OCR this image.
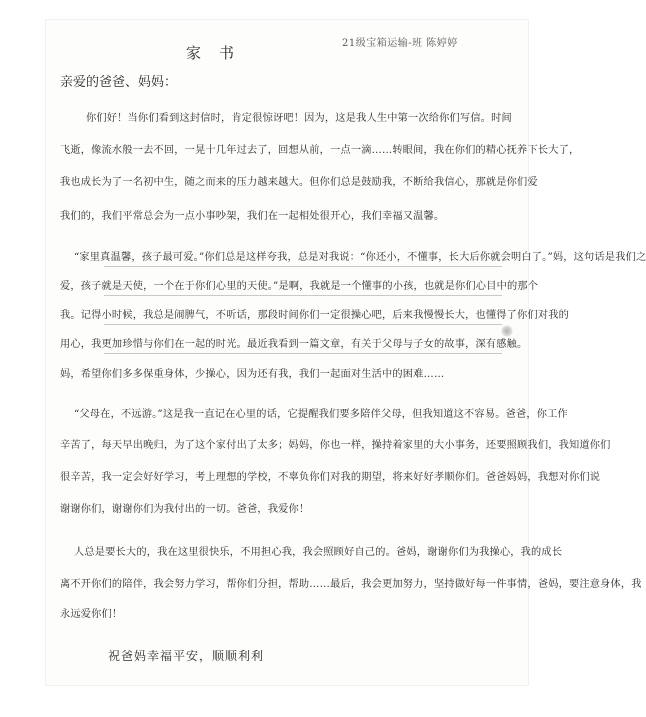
家书
21级宝箱运输-班 陈婷婷
亲爱的爸爸、妈妈：
你们好！当你们看到这封信时，肯定很惊讶吧！因为，这是我人生中第一次给你们写信。时间
飞逝，像流水般一去不回，一晃十几年过去了，回想从前，一点一滴……转眼间，我在你们的精心抚养下长大了，
我也成长为了一名初中生，随之而来的压力越来越大。但你们总是鼓励我，不断给我信心，那就是你们爱
我们的，我们平常总会为一点小事吵架，我们在一起相处很开心，我们幸福又温馨。
“家里真温馨，孩子最可爱。”你们总是这样夸我，总是对我说：“你还小，不懂事，长大后你就会明白了。”妈，这句话是我们之
爱，孩子就是天使，一个在于你们心里的天使。”是啊，我就是一个懂事的小孩，也就是你们心目中的那个
我。记得小时候，我总是闹脾气，不听话，那段时间你们一定很操心吧，后来我慢慢长大，也懂得了你们对我的
用心，我更加珍惜与你们在一起的时光。最近我看到一篇文章，有关于父母与子女的故事，深有感触。
妈，希望你们多多保重身体，少操心，因为还有我，我们一起面对生活中的困难……
“父母在，不远游。”这是我一直记在心里的话，它提醒我们要多陪伴父母，但我知道这不容易。爸爸，你工作
辛苦了，每天早出晚归，为了这个家付出了太多；妈妈，你也一样，操持着家里的大小事务，还要照顾我们，我知道你们
很辛苦，我一定会好好学习，考上理想的学校，不辜负你们对我的期望，将来好好孝顺你们。爸爸妈妈，我想对你们说
谢谢你们，谢谢你们为我付出的一切。爸爸，我爱你！
人总是要长大的，我在这里很快乐，不用担心我，我会照顾好自己的。爸妈，谢谢你们为我操心，我的成长
离不开你们的陪伴，我会努力学习，帮你们分担，帮助……最后，我会更加努力，坚持做好每一件事情，爸妈，要注意身体，我
永远爱你们！
祝爸妈幸福平安，顺顺利利
